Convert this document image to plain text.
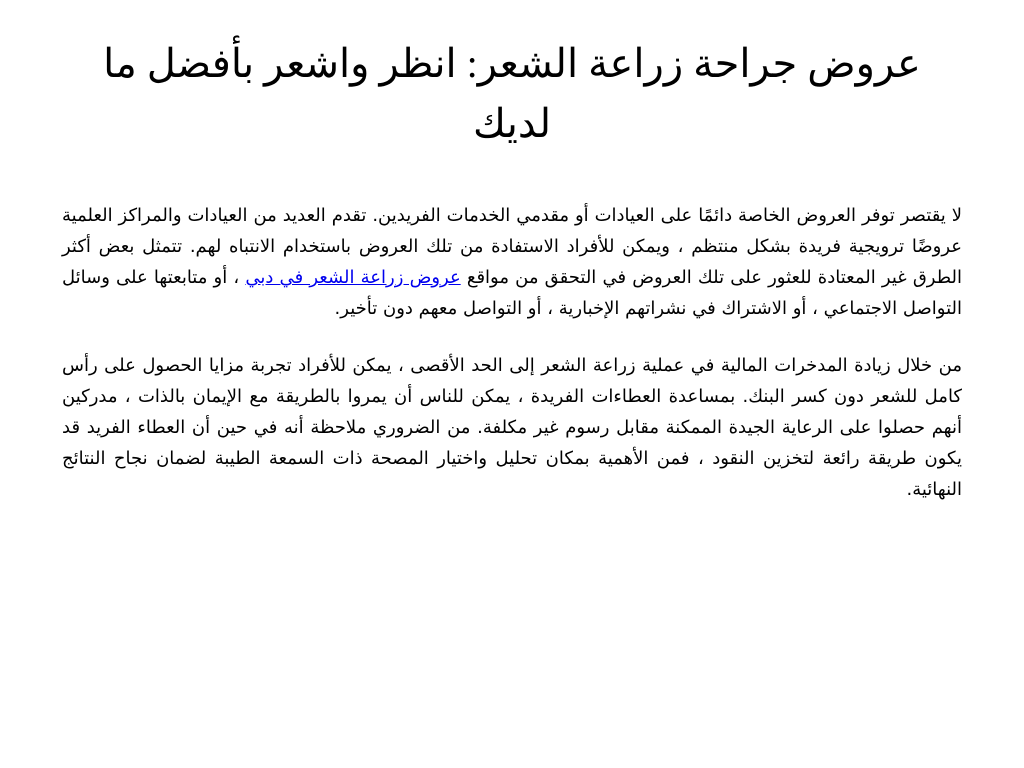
عروض جراحة زراعة الشعر: انظر واشعر بأفضل ما لديك

لا يقتصر توفر العروض الخاصة دائمًا على العيادات أو مقدمي الخدمات الفريدين. تقدم العديد من العيادات والمراكز العلمية عروضًا ترويجية فريدة بشكل منتظم ، ويمكن للأفراد الاستفادة من تلك العروض باستخدام الانتباه لهم. تتمثل بعض أكثر الطرق غير المعتادة للعثور على تلك العروض في التحقق من مواقع عروض زراعة الشعر في دبي ، أو متابعتها على وسائل التواصل الاجتماعي ، أو الاشتراك في نشراتهم الإخبارية ، أو التواصل معهم دون تأخير.

من خلال زيادة المدخرات المالية في عملية زراعة الشعر إلى الحد الأقصى ، يمكن للأفراد تجربة مزايا الحصول على رأس كامل للشعر دون كسر البنك. بمساعدة العطاءات الفريدة ، يمكن للناس أن يمروا بالطريقة مع الإيمان بالذات ، مدركين أنهم حصلوا على الرعاية الجيدة الممكنة مقابل رسوم غير مكلفة. من الضروري ملاحظة أنه في حين أن العطاء الفريد قد يكون طريقة رائعة لتخزين النقود ، فمن الأهمية بمكان تحليل واختيار المصحة ذات السمعة الطيبة لضمان نجاح النتائج النهائية.
